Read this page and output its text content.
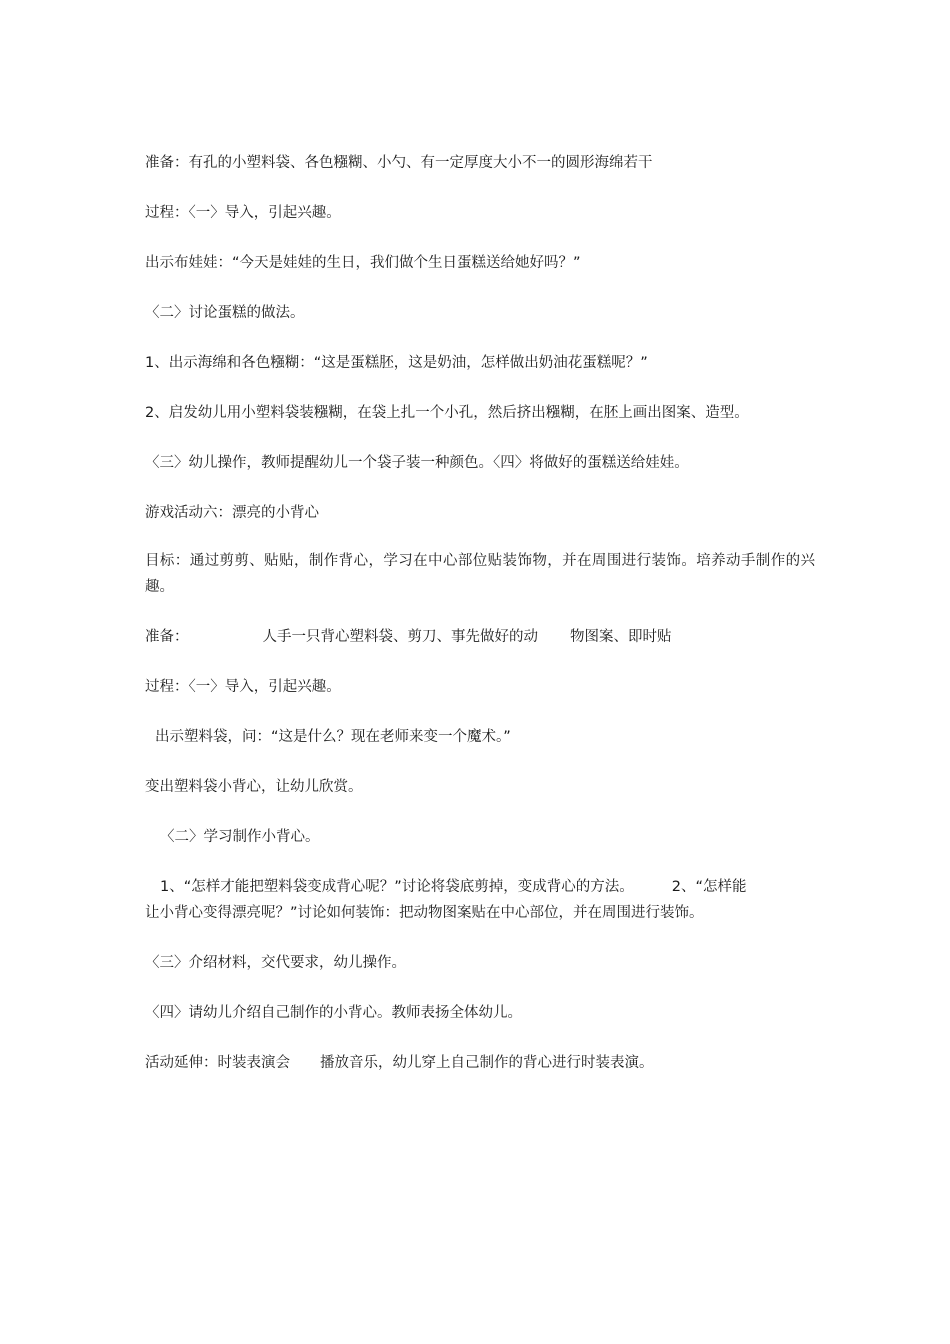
准备：有孔的小塑料袋、各色糨糊、小勺、有一定厚度大小不一的圆形海绵若干
过程：〈一〉导入，引起兴趣。
出示布娃娃：“今天是娃娃的生日，我们做个生日蛋糕送给她好吗？”
〈二〉讨论蛋糕的做法。
1、出示海绵和各色糨糊：“这是蛋糕胚，这是奶油，怎样做出奶油花蛋糕呢？”
2、启发幼儿用小塑料袋装糨糊，在袋上扎一个小孔，然后挤出糨糊，在胚上画出图案、造型。
〈三〉幼儿操作，教师提醒幼儿一个袋子装一种颜色。〈四〉将做好的蛋糕送给娃娃。
游戏活动六：漂亮的小背心
目标：通过剪剪、贴贴，制作背心，学习在中心部位贴装饰物，并在周围进行装饰。培养动手制作的兴趣。
准备：	人手一只背心塑料袋、剪刀、事先做好的动 物图案、即时贴
过程：〈一〉导入，引起兴趣。
出示塑料袋，问：“这是什么？现在老师来变一个魔术。”
变出塑料袋小背心，让幼儿欣赏。
〈二〉学习制作小背心。
1、“怎样才能把塑料袋变成背心呢？”讨论将袋底剪掉，变成背心的方法。	2、“怎样能
让小背心变得漂亮呢？”讨论如何装饰：把动物图案贴在中心部位，并在周围进行装饰。
〈三〉介绍材料，交代要求，幼儿操作。
〈四〉请幼儿介绍自己制作的小背心。教师表扬全体幼儿。
活动延伸：时装表演会 播放音乐，幼儿穿上自己制作的背心进行时装表演。
